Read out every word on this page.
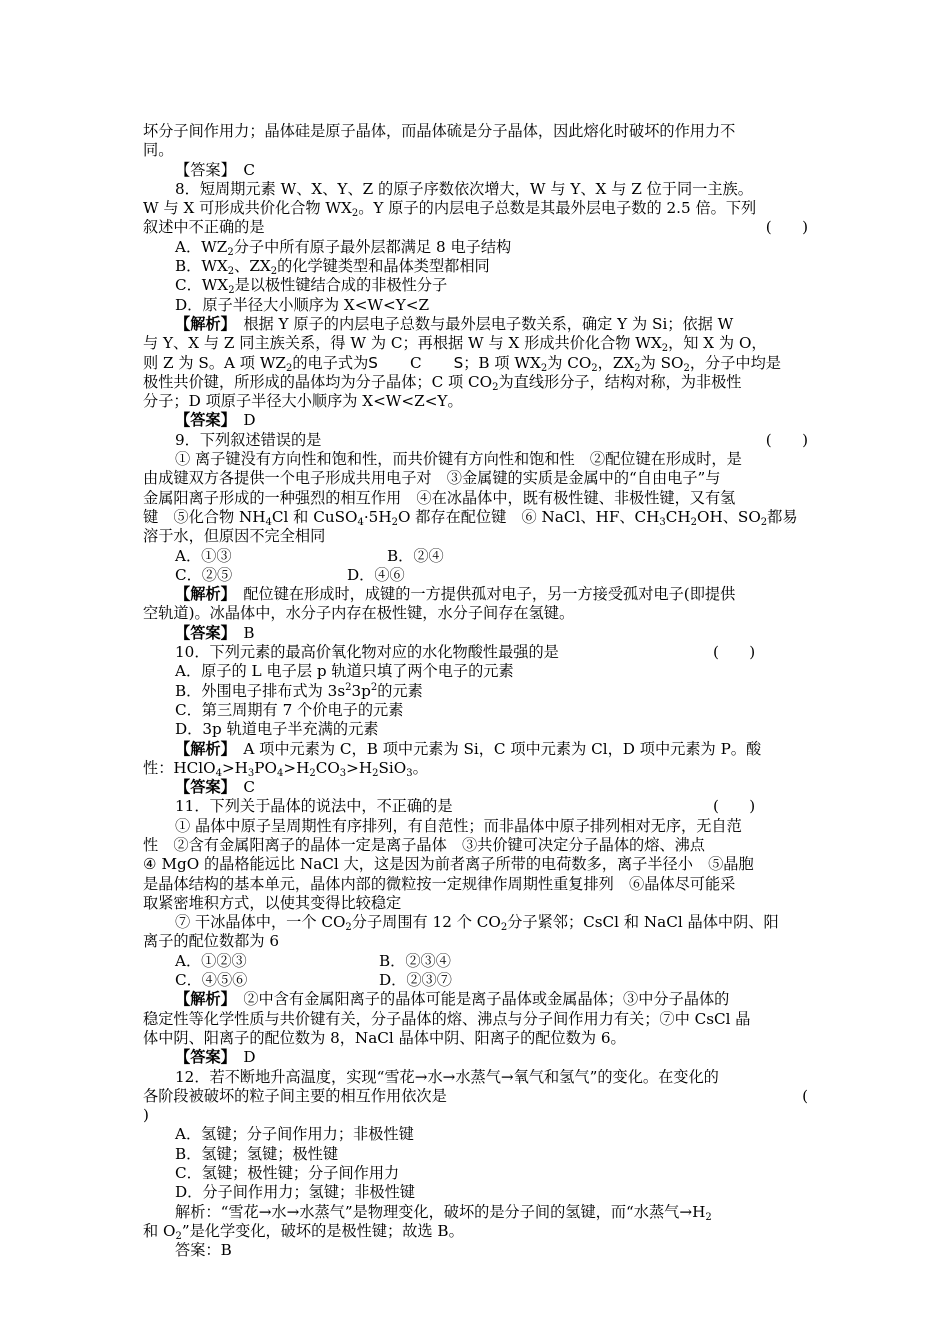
坏分子间作用力；晶体硅是原子晶体，而晶体硫是分子晶体，因此熔化时破坏的作用力不
同。
【答案】　 C
8．短周期元素 W、X、Y、Z 的原子序数依次增大，W 与 Y、X 与 Z 位于同一主族。
W 与 X 可形成共价化合物 $WX_2$。Y 原子的内层电子总数是其最外层电子数的 2.5 倍。下列
叙述中不正确的是	(　　)
A．$WZ_2$分子中所有原子最外层都满足 8 电子结构
B．$WX_2$、$ZX_2$的化学键类型和晶体类型都相同
C．$WX_2$是以极性键结合成的非极性分子
D．原子半径大小顺序为 X<W<Y<Z
【解析】　 根据 Y 原子的内层电子总数与最外层电子数关系，确定 Y 为 Si；依据 W
与 Y、X 与 Z 同主族关系，得 W 为 C；再根据 W 与 X 形成共价化合物 $WX_2$，知 X 为 O，
则 Z 为 S。A 项 $WZ_2$的电子式为S C S；B 项 $WX_2$为 $CO_2$，$ZX_2$为 $SO_2$，分子中均是
极性共价键，所形成的晶体均为分子晶体；C 项 $CO_2$为直线形分子，结构对称，为非极性
分子；D 项原子半径大小顺序为 X<W<Z<Y。
【答案】　 D
9．下列叙述错误的是	(　　)
① 离子键没有方向性和饱和性，而共价键有方向性和饱和性　②配位键在形成时，是
由成键双方各提供一个电子形成共用电子对　③金属键的实质是金属中的“自由电子”与
金属阳离子形成的一种强烈的相互作用　④在冰晶体中，既有极性键、非极性键，又有氢
键　⑤化合物 $NH_4Cl$ 和 $CuSO_4\cdot 5H_2O$ 都存在配位键　⑥ NaCl、HF、$CH_3CH_2OH$、$SO_2$都易
溶于水，但原因不完全相同
A．①③	B．②④
C．②⑤	D．④⑥
【解析】　 配位键在形成时，成键的一方提供孤对电子，另一方接受孤对电子(即提供
空轨道)。冰晶体中，水分子内存在极性键，水分子间存在氢键。
【答案】　 B
10．下列元素的最高价氧化物对应的水化物酸性最强的是	(　　)
A．原子的 L 电子层 p 轨道只填了两个电子的元素
B．外围电子排布式为 $3s^23p^2$的元素
C．第三周期有 7 个价电子的元素
D．3p 轨道电子半充满的元素
【解析】　 A 项中元素为 C，B 项中元素为 Si，C 项中元素为 Cl，D 项中元素为 P。酸
性：$HClO_4>H_3PO_4>H_2CO_3>H_2SiO_3$。
【答案】　 C
11．下列关于晶体的说法中，不正确的是	(　　)
① 晶体中原子呈周期性有序排列，有自范性；而非晶体中原子排列相对无序，无自范
性　②含有金属阳离子的晶体一定是离子晶体　③共价键可决定分子晶体的熔、沸点
④ MgO 的晶格能远比 NaCl 大，这是因为前者离子所带的电荷数多，离子半径小　⑤晶胞
是晶体结构的基本单元，晶体内部的微粒按一定规律作周期性重复排列　⑥晶体尽可能采
取紧密堆积方式，以使其变得比较稳定
⑦ 干冰晶体中，一个 $CO_2$分子周围有 12 个 $CO_2$分子紧邻；CsCl 和 NaCl 晶体中阴、阳
离子的配位数都为 6
A．①②③	B．②③④
C．④⑤⑥	D．②③⑦
【解析】　 ②中含有金属阳离子的晶体可能是离子晶体或金属晶体；③中分子晶体的
稳定性等化学性质与共价键有关，分子晶体的熔、沸点与分子间作用力有关；⑦中 CsCl 晶
体中阴、阳离子的配位数为 8，NaCl 晶体中阴、阳离子的配位数为 6。
【答案】　 D
12．若不断地升高温度，实现“雪花→水→水蒸气→氧气和氢气”的变化。在变化的
各阶段被破坏的粒子间主要的相互作用依次是	(
)
A．氢键；分子间作用力；非极性键
B．氢键；氢键；极性键
C．氢键；极性键；分子间作用力
D．分子间作用力；氢键；非极性键
解析：“雪花→水→水蒸气”是物理变化，破坏的是分子间的氢键，而“水蒸气$\to H_2$
和 $O_2$”是化学变化，破坏的是极性键；故选 B。
答案：B
